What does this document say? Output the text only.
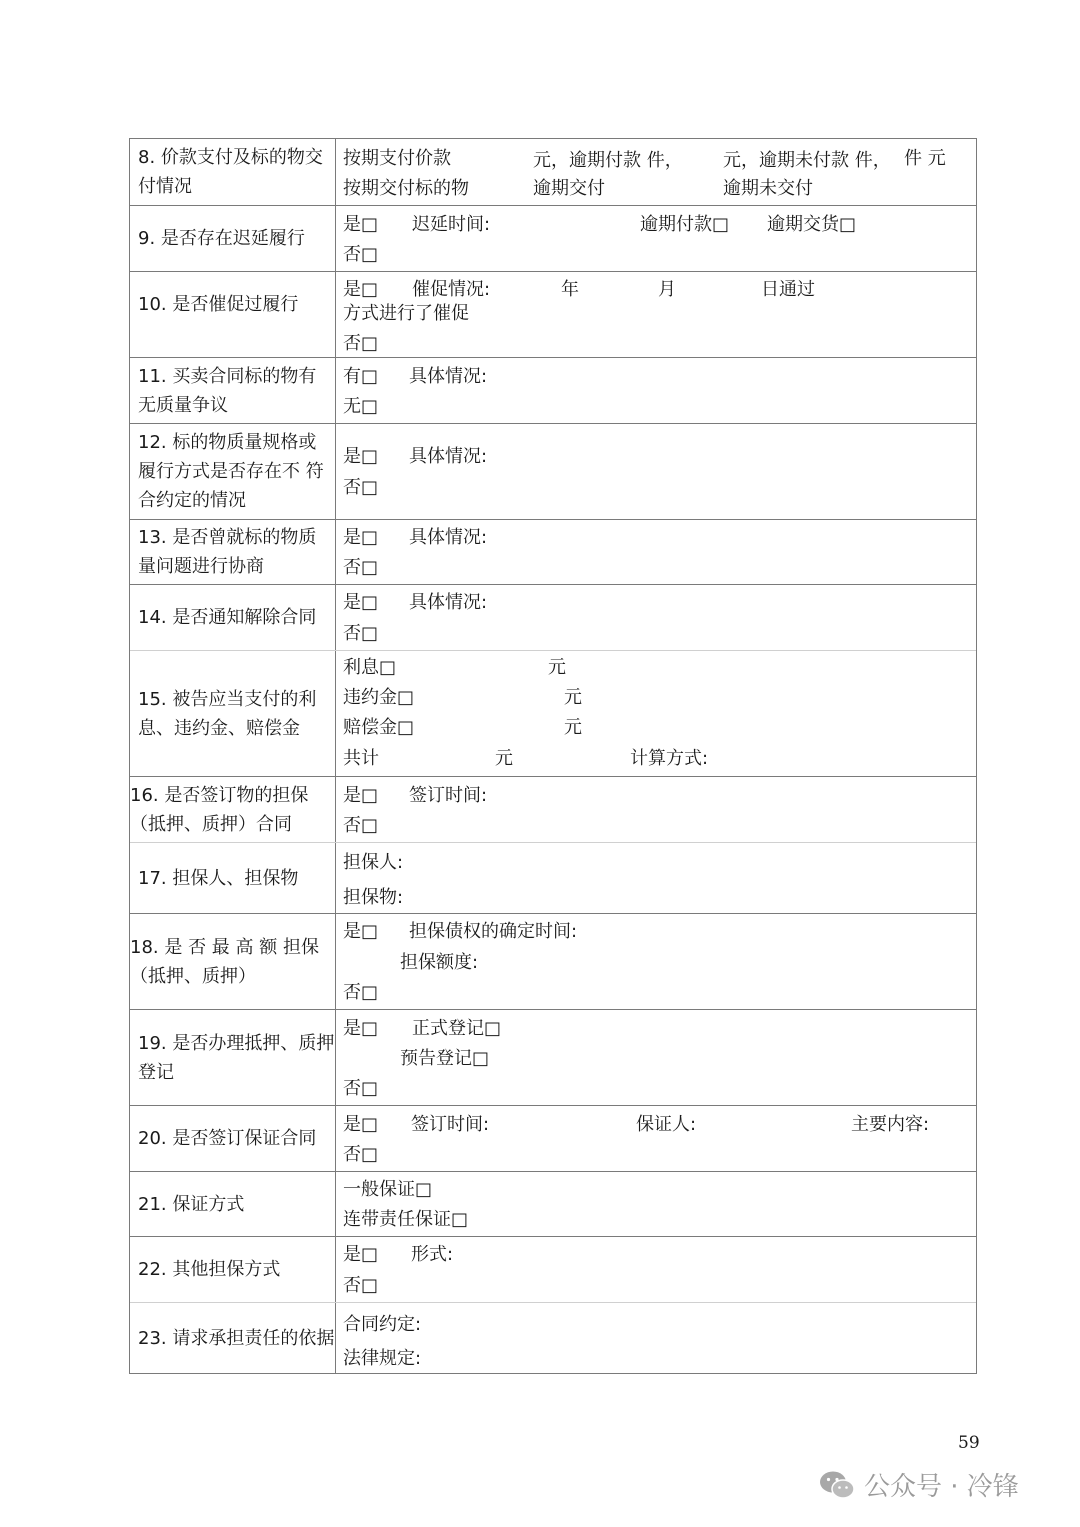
8. 价款支付及标的物交付情况
按期支付价款	元，逾期付款 件， 元，逾期未付款 件， 件 元
按期交付标的物	逾期交付	逾期未交付
9. 是否存在迟延履行
是□ 迟延时间:	逾期付款□ 逾期交货□
否□
10. 是否催促过履行
是□ 催促情况:	年	月	日通过
方式进行了催促
否□
11. 买卖合同标的物有 无质量争议
有□ 具体情况:
无□
12. 标的物质量规格或 履行方式是否存在不 符合约定的情况
是□ 具体情况:
否□
13. 是否曾就标的物质 量问题进行协商
是□ 具体情况:
否□
14. 是否通知解除合同
是□ 具体情况:
否□
15. 被告应当支付的利 息、违约金、赔偿金
利息□	元
违约金□	元
赔偿金□	元
共计	元	计算方式:
16. 是否签订物的担保 （抵押、质押）合同
是□ 签订时间:
否□
17. 担保人、担保物
担保人:
担保物:
18. 是 否 最 高 额 担保 （抵押、质押）
是□ 担保债权的确定时间:
担保额度:
否□
19. 是否办理抵押、质押登记
是□ 正式登记□
预告登记□
否□
20. 是否签订保证合同
是□ 签订时间:	保证人:	主要内容:
否□
21. 保证方式
一般保证□
连带责任保证□
22. 其他担保方式
是□ 形式:
否□
23. 请求承担责任的依据
合同约定:
法律规定:
59
公众号 · 冷锋
